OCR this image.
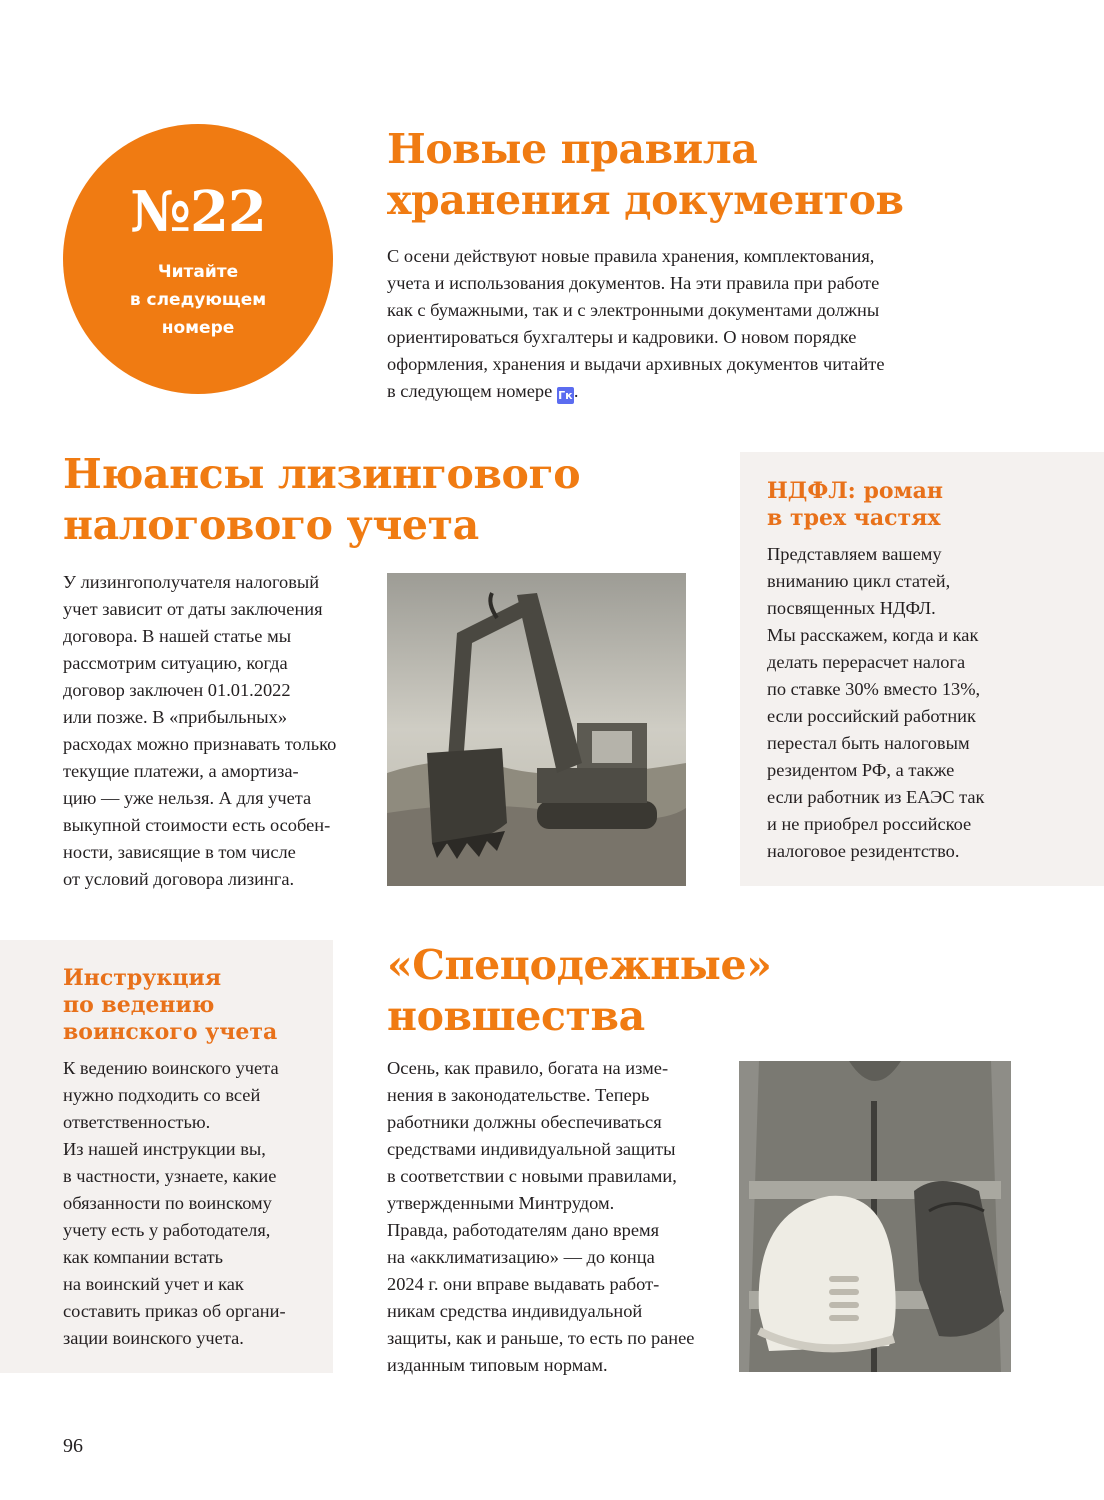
№22
Читайте
в следующем
номере
Новые правила
хранения документов
С осени действуют новые правила хранения, комплектования,
учета и использования документов. На эти правила при работе
как с бумажными, так и с электронными документами должны
ориентироваться бухгалтеры и кадровики. О новом порядке
оформления, хранения и выдачи архивных документов читайте
в следующем номере Гк.
Нюансы лизингового
налогового учета
У лизингополучателя налоговый
учет зависит от даты заключения
договора. В нашей статье мы
рассмотрим ситуацию, когда
договор заключен 01.01.2022
или позже. В «прибыльных»
расходах можно признавать только
текущие платежи, а амортиза-
цию — уже нельзя. А для учета
выкупной стоимости есть особен-
ности, зависящие в том числе
от условий договора лизинга.
НДФЛ: роман
в трех частях
Представляем вашему
вниманию цикл статей,
посвященных НДФЛ.
Мы расскажем, когда и как
делать перерасчет налога
по ставке 30% вместо 13%,
если российский работник
перестал быть налоговым
резидентом РФ, а также
если работник из ЕАЭС так
и не приобрел российское
налоговое резидентство.
Инструкция
по ведению
воинского учета
К ведению воинского учета
нужно подходить со всей
ответственностью.
Из нашей инструкции вы,
в частности, узнаете, какие
обязанности по воинскому
учету есть у работодателя,
как компании встать
на воинский учет и как
составить приказ об органи-
зации воинского учета.
«Спецодежные»
новшества
Осень, как правило, богата на изме-
нения в законодательстве. Теперь
работники должны обеспечиваться
средствами индивидуальной защиты
в соответствии с новыми правилами,
утвержденными Минтрудом.
Правда, работодателям дано время
на «акклиматизацию» — до конца
2024 г. они вправе выдавать работ-
никам средства индивидуальной
защиты, как и раньше, то есть по ранее
изданным типовым нормам.
96
